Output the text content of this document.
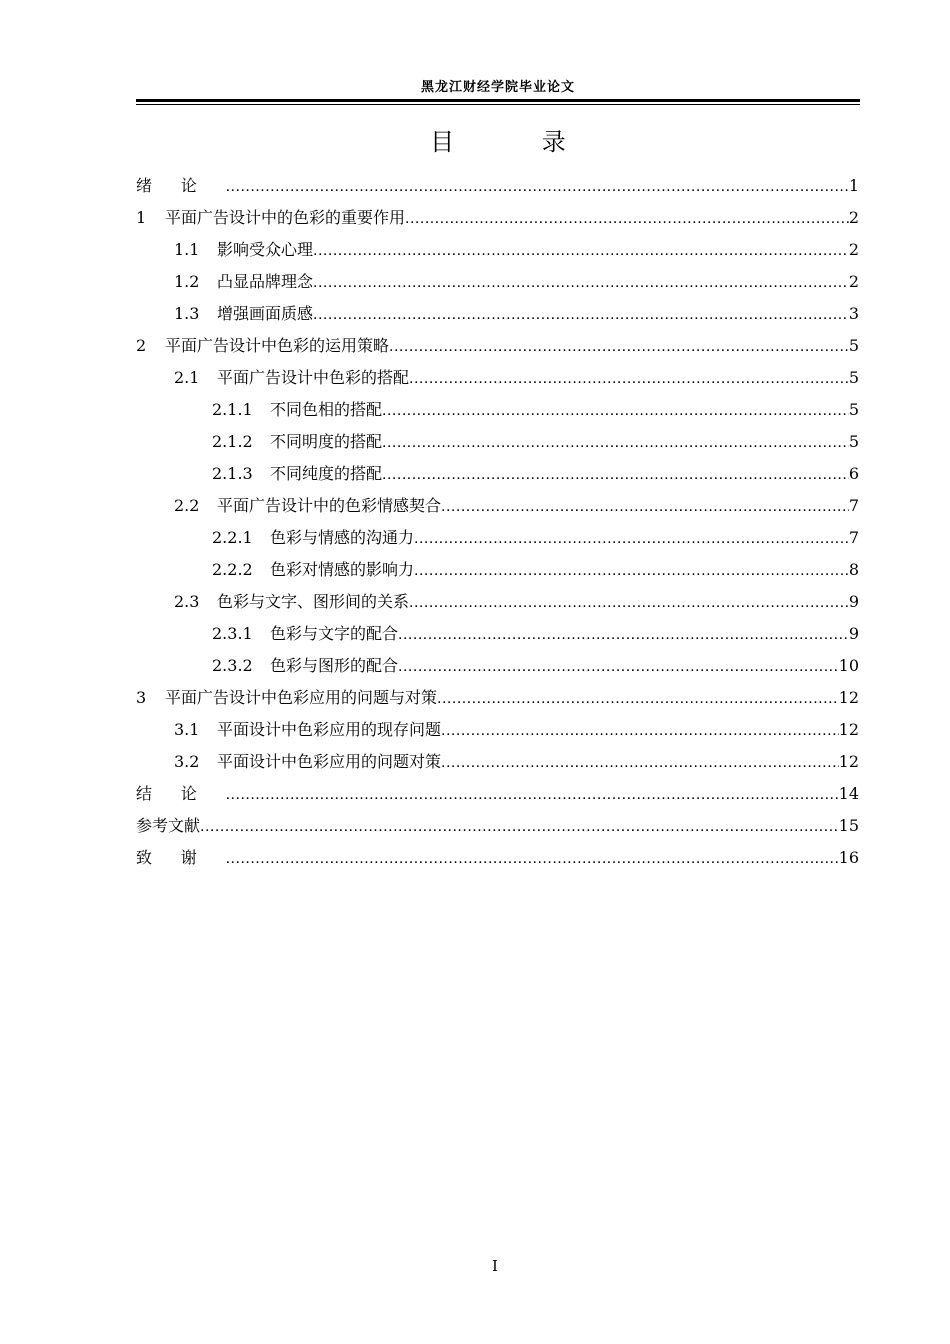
黑龙江财经学院毕业论文
目 录
绪论 .....	1
1	平面广告设计中的色彩的重要作用 .....	2
1.1	影响受众心理 .....	2
1.2	凸显品牌理念 .....	2
1.3	增强画面质感 .....	3
2	平面广告设计中色彩的运用策略 .....	5
2.1	平面广告设计中色彩的搭配 .....	5
2.1.1	不同色相的搭配 .....	5
2.1.2	不同明度的搭配 .....	5
2.1.3	不同纯度的搭配 .....	6
2.2	平面广告设计中的色彩情感契合 .....	7
2.2.1	色彩与情感的沟通力 .....	7
2.2.2	色彩对情感的影响力 .....	8
2.3	色彩与文字、图形间的关系 .....	9
2.3.1	色彩与文字的配合 .....	9
2.3.2	色彩与图形的配合 .....	10
3	平面广告设计中色彩应用的问题与对策 .....	12
3.1	平面设计中色彩应用的现存问题 .....	12
3.2	平面设计中色彩应用的问题对策 .....	12
结论 .....	14
参考文献 .....	15
致谢 .....	16
I
